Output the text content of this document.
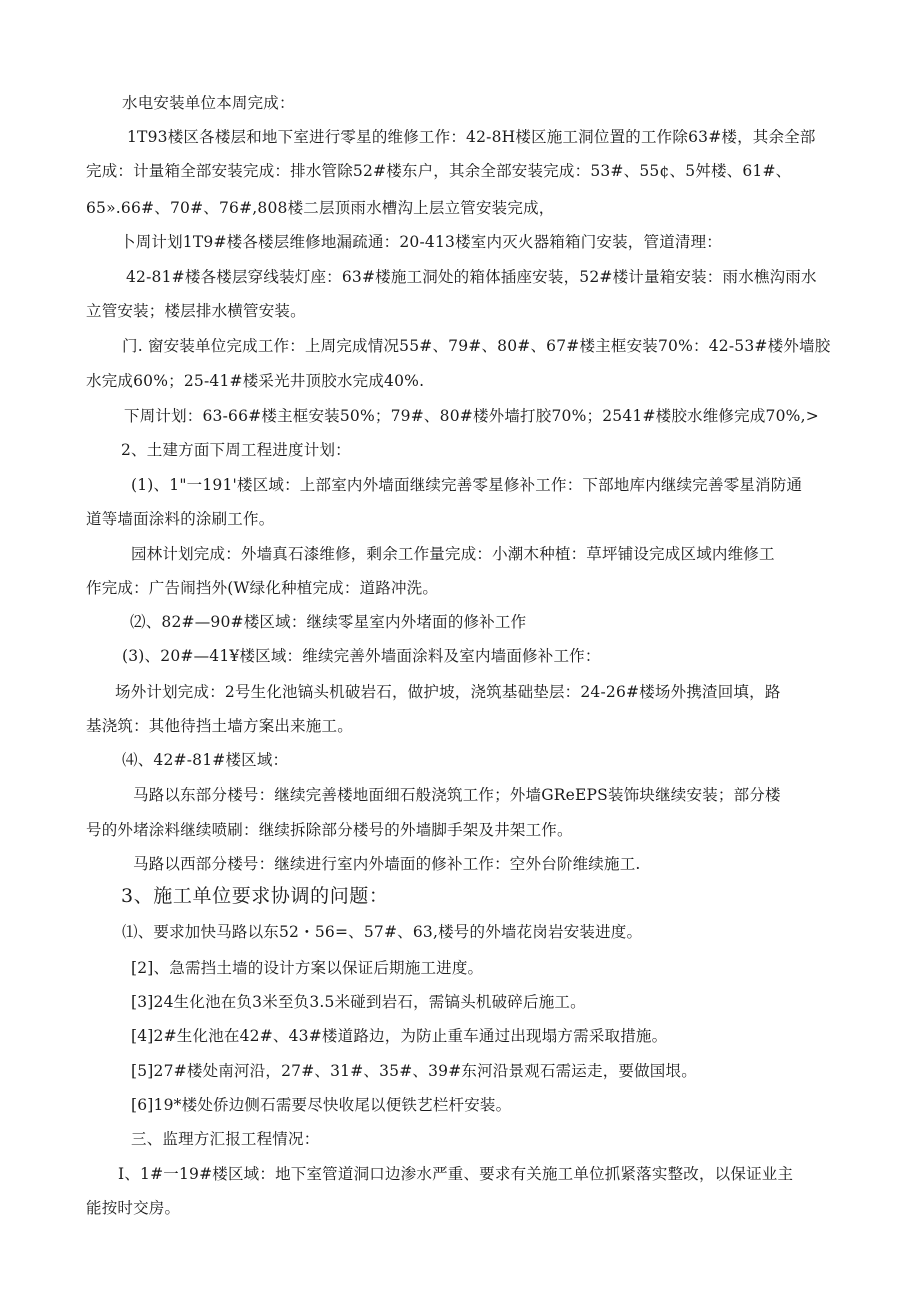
水电安装单位本周完成：
1T93楼区各楼层和地下室进行零星的维修工作：42-8H楼区施工洞位置的工作除63#楼，其余全部
完成：计量箱全部安装完成：排水管除52#楼东户，其余全部安装完成：53#、55¢、5舛楼、61#、
65».66#、70#、76#,808楼二层顶雨水槽沟上层立管安装完成，
卜周计划1T9#楼各楼层维修地漏疏通：20-413楼室内灭火器箱箱门安装，管道清理：
42-81#楼各楼层穿线装灯座：63#楼施工洞处的箱体插座安装，52#楼计量箱安装：雨水樵沟雨水
立管安装；楼层排水横管安装。
门. 窗安装单位完成工作：上周完成情况55#、79#、80#、67#楼主框安装70%：42-53#楼外墙胶
水完成60%；25-41#楼采光井顶胶水完成40%.
下周计划：63-66#楼主框安装50%；79#、80#楼外墙打胶70%；2541#楼胶水维修完成70%,>
2、土建方面下周工程进度计划：
(1)、1"一191'楼区域：上部室内外墙面继续完善零星修补工作：下部地库内继续完善零星消防通
道等墙面涂料的涂刷工作。
园林计划完成：外墙真石漆维修，剩余工作量完成：小潮木种植：草坪铺设完成区域内维修工
作完成：广告闹挡外(W绿化种植完成：道路冲洗。
⑵、82#—90#楼区域：继续零星室内外堵面的修补工作
(3)、20#—41¥楼区域：维续完善外墙面涂料及室内墙面修补工作：
场外计划完成：2号生化池镐头机破岩石，做护坡，浇筑基础垫层：24-26#楼场外携渣回填，路
基浇筑：其他待挡土墙方案出来施工。
⑷、42#-81#楼区域：
马路以东部分楼号：继续完善楼地面细石般浇筑工作；外墙GReEPS装饰块继续安装；部分楼
号的外堵涂料继续喷刷：继续拆除部分楼号的外墙脚手架及井架工作。
马路以西部分楼号：继续进行室内外墙面的修补工作：空外台阶维续施工.
3、施工单位要求协调的问题：
⑴、要求加快马路以东52・56=、57#、63,楼号的外墙花岗岩安装进度。
[2]、急需挡土墙的设计方案以保证后期施工进度。
[3]24生化池在负3米至负3.5米碰到岩石，需镐头机破碎后施工。
[4]2#生化池在42#、43#楼道路边，为防止重车通过出现塌方需采取措施。
[5]27#楼处南河沿，27#、31#、35#、39#东河沿景观石需运走，要做国垠。
[6]19*楼处侨边侧石需要尽快收尾以便铁艺栏杆安装。
三、监理方汇报工程情况：
I、1#一19#楼区域：地下室管道洞口边渗水严重、要求有关施工单位抓紧落实整改，以保证业主
能按时交房。
